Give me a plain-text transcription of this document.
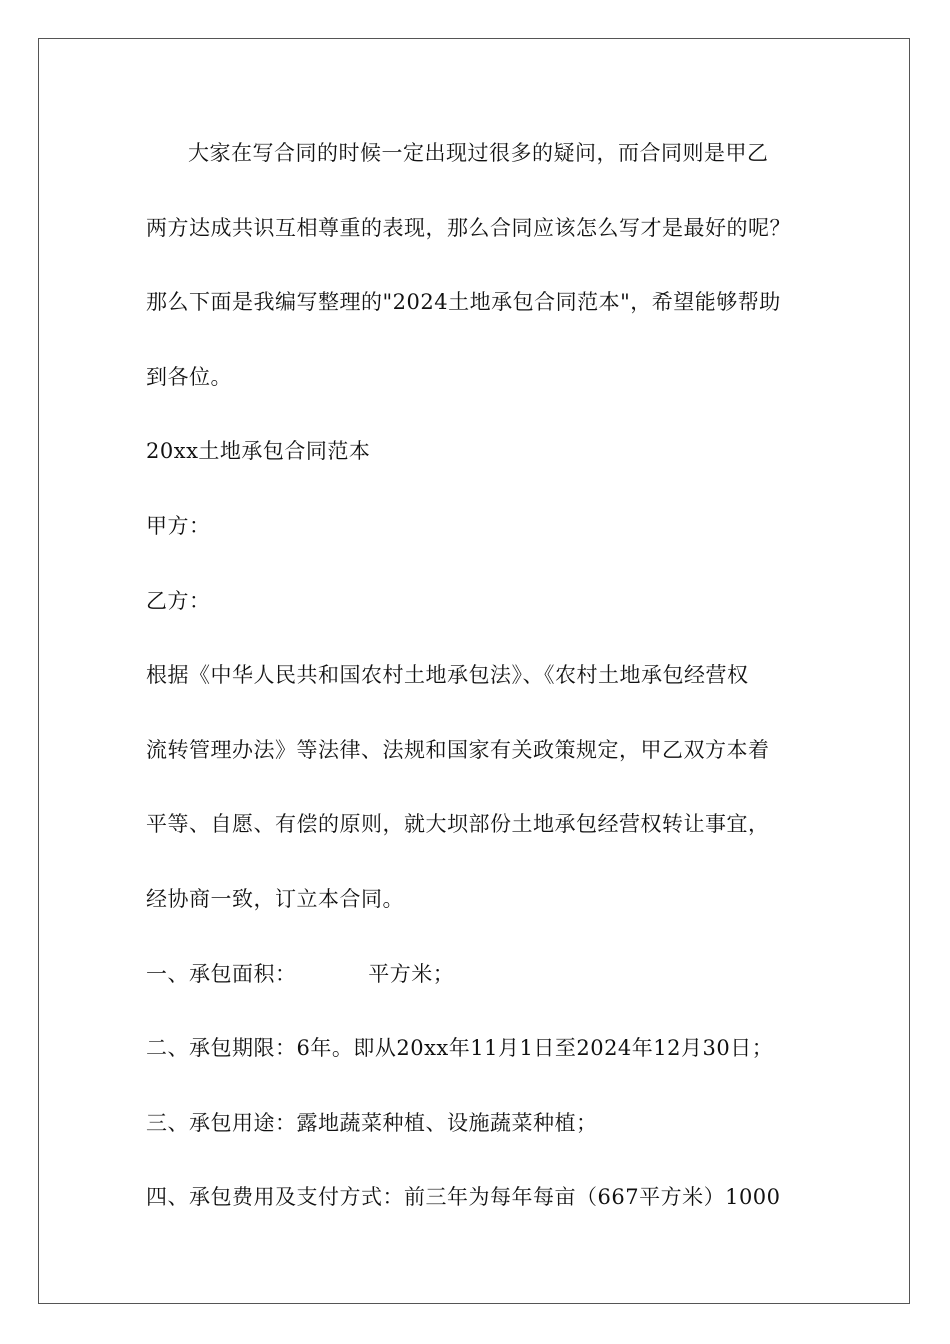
大家在写合同的时候一定出现过很多的疑问，而合同则是甲乙
两方达成共识互相尊重的表现，那么合同应该怎么写才是最好的呢？
那么下面是我编写整理的"2024土地承包合同范本"，希望能够帮助
到各位。
20xx土地承包合同范本
甲方：
乙方：
根据《中华人民共和国农村土地承包法》、《农村土地承包经营权
流转管理办法》等法律、法规和国家有关政策规定，甲乙双方本着
平等、自愿、有偿的原则，就大坝部份土地承包经营权转让事宜，
经协商一致，订立本合同。
一、承包面积：          平方米；
二、承包期限：6年。即从20xx年11月1日至2024年12月30日；
三、承包用途：露地蔬菜种植、设施蔬菜种植；
四、承包费用及支付方式：前三年为每年每亩（667平方米）1000
